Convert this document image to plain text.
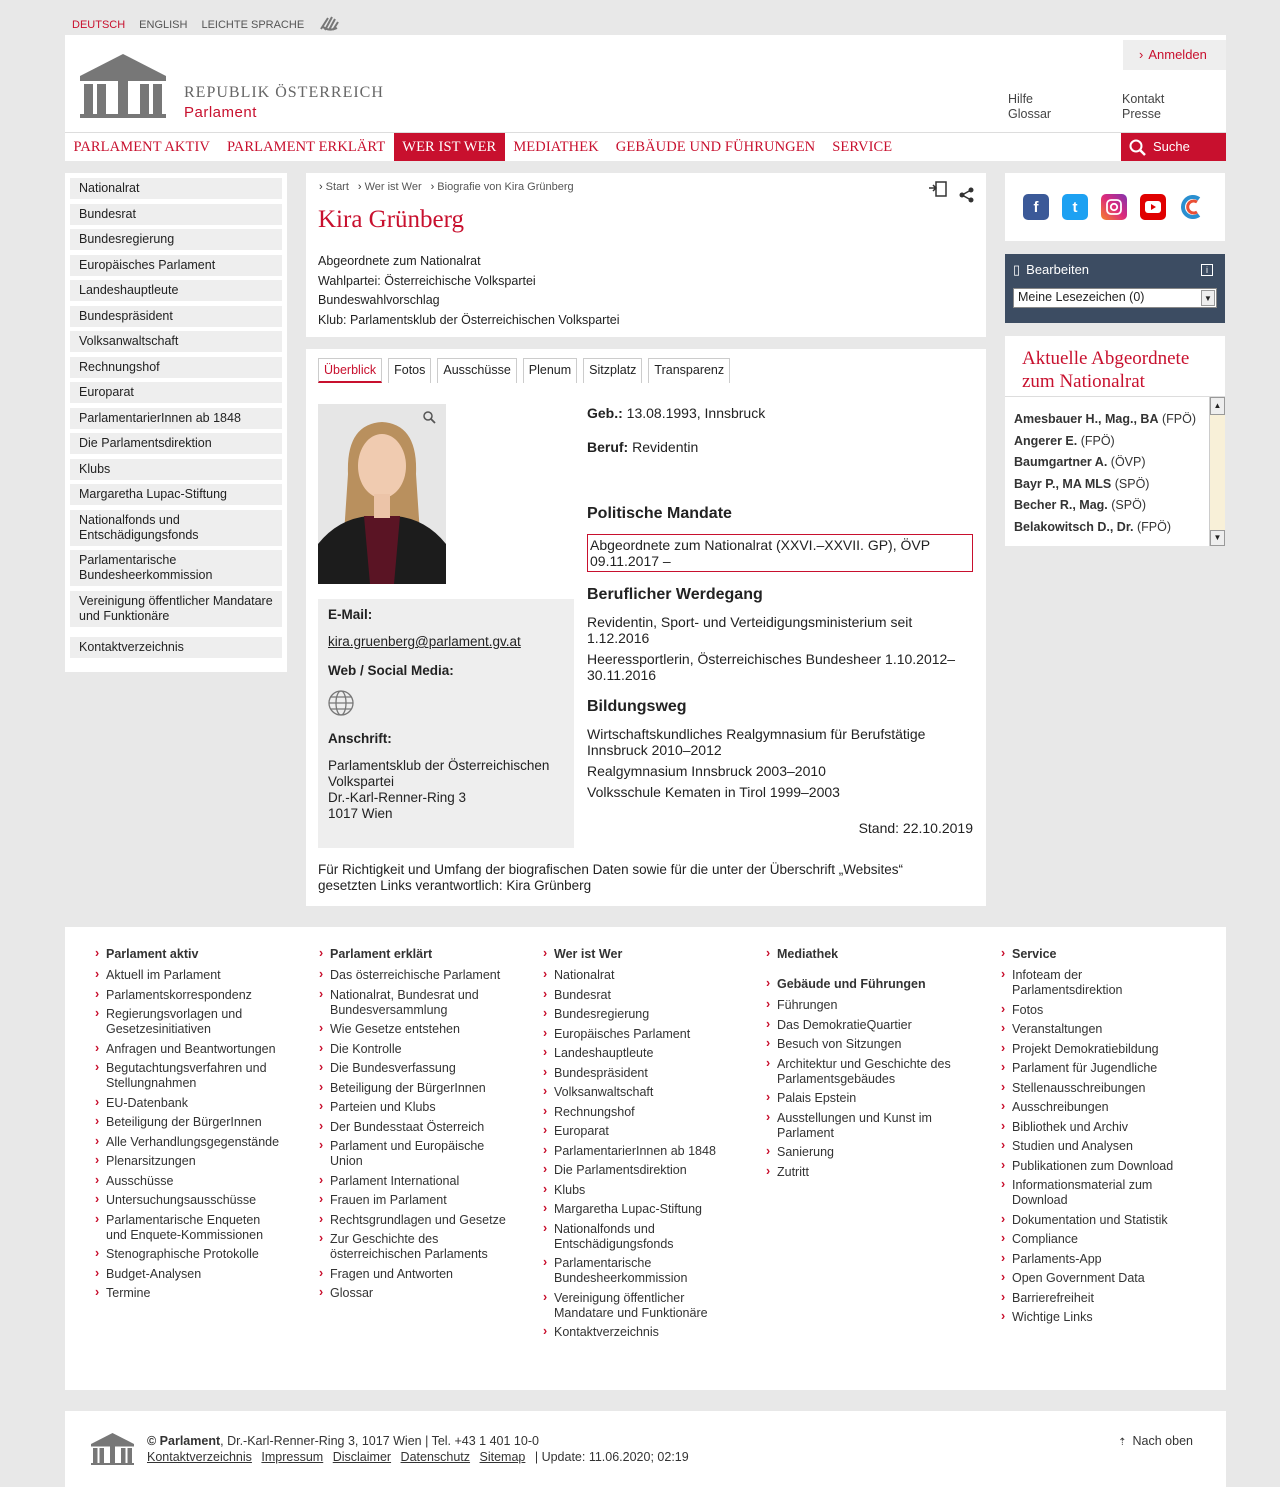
DEUTSCH ENGLISH LEICHTE SPRACHE
REPUBLIK ÖSTERREICH
Parlament
› Anmelden
Hilfe	Kontakt
Glossar	Presse
PARLAMENT AKTIV	PARLAMENT ERKLÄRT	WER IST WER	MEDIATHEK	GEBÄUDE UND FÜHRUNGEN	SERVICE	Suche
Nationalrat
Bundesrat
Bundesregierung
Europäisches Parlament
Landeshauptleute
Bundespräsident
Volksanwaltschaft
Rechnungshof
Europarat
ParlamentarierInnen ab 1848
Die Parlamentsdirektion
Klubs
Margaretha Lupac-Stiftung
Nationalfonds und Entschädigungsfonds
Parlamentarische Bundesheerkommission
Vereinigung öffentlicher Mandatare und Funktionäre
Kontaktverzeichnis
› Start	› Wer ist Wer	› Biografie von Kira Grünberg
Kira Grünberg
Abgeordnete zum Nationalrat
Wahlpartei: Österreichische Volkspartei
Bundeswahlvorschlag
Klub: Parlamentsklub der Österreichischen Volkspartei
Überblick	Fotos	Ausschüsse	Plenum	Sitzplatz	Transparenz
E-Mail:
kira.gruenberg@parlament.gv.at
Web / Social Media:
Anschrift:
Parlamentsklub der Österreichischen Volkspartei
Dr.-Karl-Renner-Ring 3
1017 Wien
Geb.: 13.08.1993, Innsbruck
Beruf: Revidentin
Politische Mandate
Abgeordnete zum Nationalrat (XXVI.–XXVII. GP), ÖVP 09.11.2017 –
Beruflicher Werdegang
Revidentin, Sport- und Verteidigungsministerium seit 1.12.2016
Heeressportlerin, Österreichisches Bundesheer 1.10.2012–30.11.2016
Bildungsweg
Wirtschaftskundliches Realgymnasium für Berufstätige Innsbruck 2010–2012
Realgymnasium Innsbruck 2003–2010
Volksschule Kematen in Tirol 1999–2003
Stand: 22.10.2019
Für Richtigkeit und Umfang der biografischen Daten sowie für die unter der Überschrift „Websites“ gesetzten Links verantwortlich: Kira Grünberg
f	t
▯ Bearbeiten	i
Meine Lesezeichen (0)	▼
Aktuelle Abgeordnete zum Nationalrat
Amesbauer H., Mag., BA (FPÖ)
Angerer E. (FPÖ)
Baumgartner A. (ÖVP)
Bayr P., MA MLS (SPÖ)
Becher R., Mag. (SPÖ)
Belakowitsch D., Dr. (FPÖ)
▲
▼
› Parlament aktiv
› Aktuell im Parlament
› Parlamentskorrespondenz
› Regierungsvorlagen und Gesetzesinitiativen
› Anfragen und Beantwortungen
› Begutachtungsverfahren und Stellungnahmen
› EU-Datenbank
› Beteiligung der BürgerInnen
› Alle Verhandlungsgegenstände
› Plenarsitzungen
› Ausschüsse
› Untersuchungsausschüsse
› Parlamentarische Enqueten und Enquete-Kommissionen
› Stenographische Protokolle
› Budget-Analysen
› Termine
› Parlament erklärt
› Das österreichische Parlament
› Nationalrat, Bundesrat und Bundesversammlung
› Wie Gesetze entstehen
› Die Kontrolle
› Die Bundesverfassung
› Beteiligung der BürgerInnen
› Parteien und Klubs
› Der Bundesstaat Österreich
› Parlament und Europäische Union
› Parlament International
› Frauen im Parlament
› Rechtsgrundlagen und Gesetze
› Zur Geschichte des österreichischen Parlaments
› Fragen und Antworten
› Glossar
› Wer ist Wer
› Nationalrat
› Bundesrat
› Bundesregierung
› Europäisches Parlament
› Landeshauptleute
› Bundespräsident
› Volksanwaltschaft
› Rechnungshof
› Europarat
› ParlamentarierInnen ab 1848
› Die Parlamentsdirektion
› Klubs
› Margaretha Lupac-Stiftung
› Nationalfonds und Entschädigungsfonds
› Parlamentarische Bundesheerkommission
› Vereinigung öffentlicher Mandatare und Funktionäre
› Kontaktverzeichnis
› Mediathek
› Gebäude und Führungen
› Führungen
› Das DemokratieQuartier
› Besuch von Sitzungen
› Architektur und Geschichte des Parlamentsgebäudes
› Palais Epstein
› Ausstellungen und Kunst im Parlament
› Sanierung
› Zutritt
› Service
› Infoteam der Parlamentsdirektion
› Fotos
› Veranstaltungen
› Projekt Demokratiebildung
› Parlament für Jugendliche
› Stellenausschreibungen
› Ausschreibungen
› Bibliothek und Archiv
› Studien und Analysen
› Publikationen zum Download
› Informationsmaterial zum Download
› Dokumentation und Statistik
› Compliance
› Parlaments-App
› Open Government Data
› Barrierefreiheit
› Wichtige Links
© Parlament, Dr.-Karl-Renner-Ring 3, 1017 Wien | Tel. +43 1 401 10-0
Kontaktverzeichnis Impressum Disclaimer Datenschutz Sitemap | Update: 11.06.2020; 02:19
⇡ Nach oben
